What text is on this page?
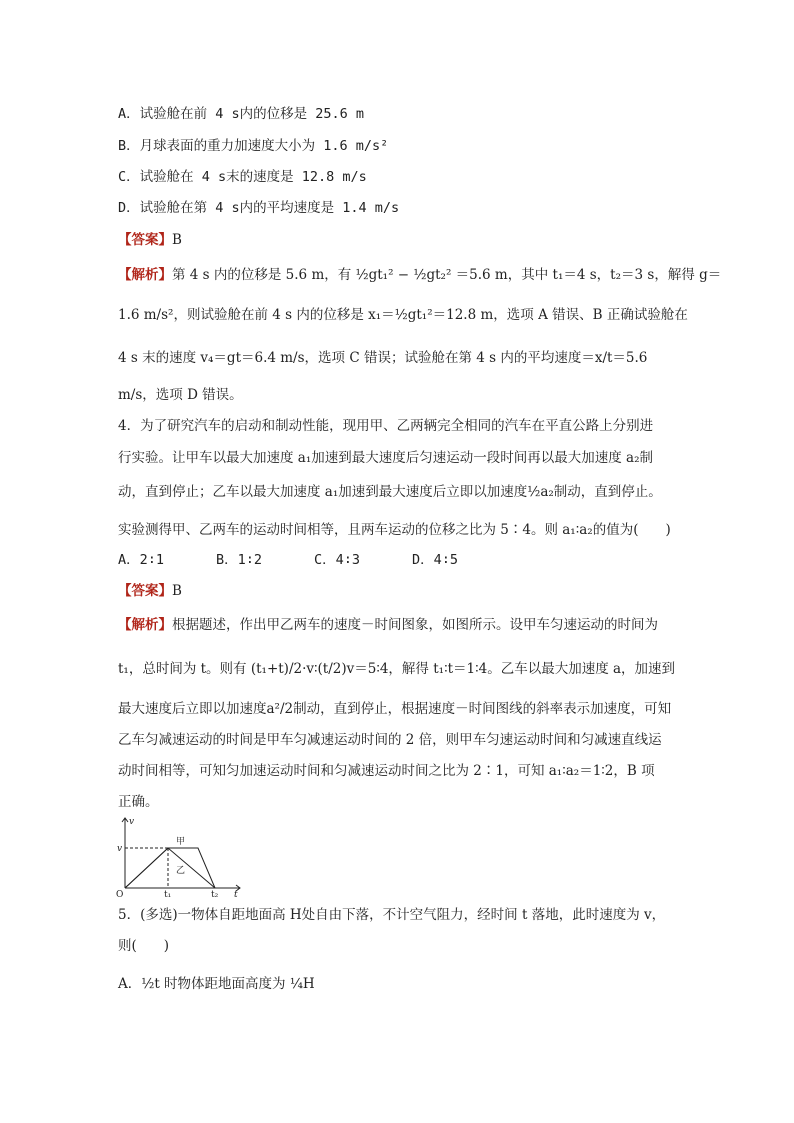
A．试验舱在前 4 s内的位移是 25.6 m
B．月球表面的重力加速度大小为 1.6 m/s²
C．试验舱在 4 s末的速度是 12.8 m/s
D．试验舱在第 4 s内的平均速度是 1.4 m/s
【答案】B
【解析】第 4 s 内的位移是 5.6 m，有 ½gt₁² − ½gt₂² ＝5.6 m，其中 t₁＝4 s，t₂＝3 s，解得 g＝
1.6 m/s²，则试验舱在前 4 s 内的位移是 x₁＝½gt₁²＝12.8 m，选项 A 错误、B 正确试验舱在
4 s 末的速度 v₄＝gt＝6.4 m/s，选项 C 错误；试验舱在第 4 s 内的平均速度＝x/t＝5.6
m/s，选项 D 错误。
4．为了研究汽车的启动和制动性能，现用甲、乙两辆完全相同的汽车在平直公路上分别进
行实验。让甲车以最大加速度 a₁加速到最大速度后匀速运动一段时间再以最大加速度 a₂制
动，直到停止；乙车以最大加速度 a₁加速到最大速度后立即以加速度½a₂制动，直到停止。
实验测得甲、乙两车的运动时间相等，且两车运动的位移之比为 5∶4。则 a₁∶a₂的值为(　　)
A．2∶1	B．1∶2	C．4∶3	D．4∶5
【答案】B
【解析】根据题述，作出甲乙两车的速度－时间图象，如图所示。设甲车匀速运动的时间为
t₁，总时间为 t。则有 (t₁+t)/2·v∶(t/2)v＝5∶4，解得 t₁∶t＝1∶4。乙车以最大加速度 a，加速到
最大速度后立即以加速度a²/2制动，直到停止，根据速度－时间图线的斜率表示加速度，可知
乙车匀减速运动的时间是甲车匀减速运动时间的 2 倍，则甲车匀速运动时间和匀减速直线运
动时间相等，可知匀加速运动时间和匀减速运动时间之比为 2∶1，可知 a₁∶a₂＝1∶2，B 项
正确。
v
t
O
v
t₁	t₂
甲
乙
5．(多选)一物体自距地面高 H处自由下落，不计空气阻力，经时间 t 落地，此时速度为 v，
则(　　)
A．½t 时物体距地面高度为 ¼H
